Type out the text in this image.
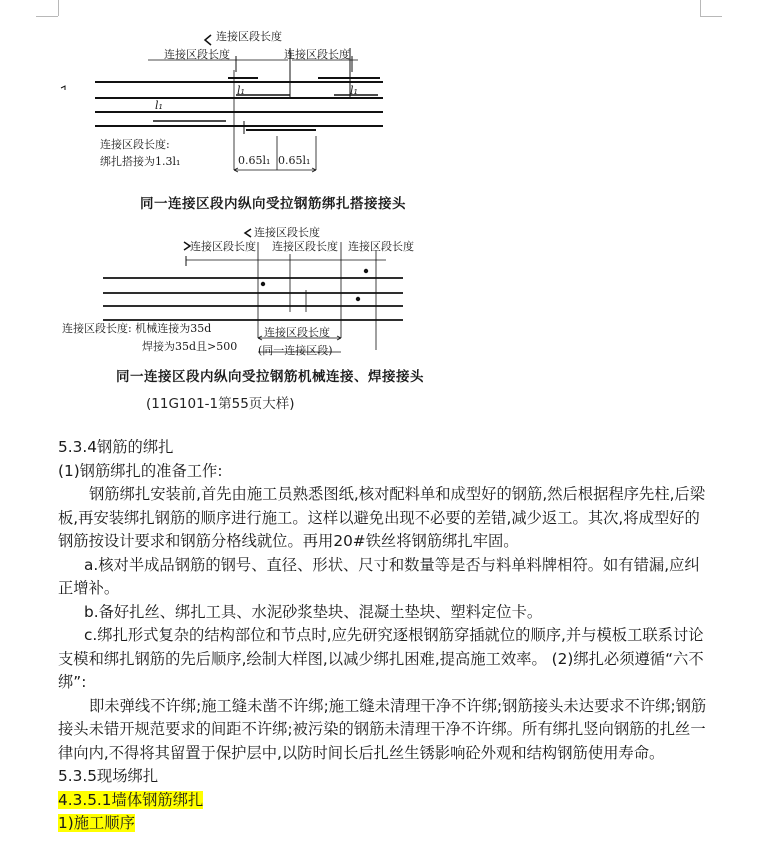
连接区段长度
连接区段长度	连接区段长度
l₁	l₁
l₁
连接区段长度:
绑扎搭接为1.3l₁	0.65l₁ 0.65l₁
同一连接区段内纵向受拉钢筋绑扎搭接接头
连接区段长度
连接区段长度 连接区段长度 连接区段长度
连接区段长度: 机械连接为35d
焊接为35d且>500
连接区段长度
(同一连接区段)
同一连接区段内纵向受拉钢筋机械连接、焊接接头
(11G101-1第55页大样)

5.3.4钢筋的绑扎

(1)钢筋绑扎的准备工作:

钢筋绑扎安装前,首先由施工员熟悉图纸,核对配料单和成型好的钢筋,然后根据程序先柱,后梁板,再安装绑扎钢筋的顺序进行施工。这样以避免出现不必要的差错,减少返工。其次,将成型好的钢筋按设计要求和钢筋分格线就位。再用20#铁丝将钢筋绑扎牢固。

a.核对半成品钢筋的钢号、直径、形状、尺寸和数量等是否与料单料牌相符。如有错漏,应纠正增补。

b.备好扎丝、绑扎工具、水泥砂浆垫块、混凝土垫块、塑料定位卡。

c.绑扎形式复杂的结构部位和节点时,应先研究逐根钢筋穿插就位的顺序,并与模板工联系讨论支模和绑扎钢筋的先后顺序,绘制大样图,以减少绑扎困难,提高施工效率。 (2)绑扎必须遵循“六不绑”:

即未弹线不许绑;施工缝未凿不许绑;施工缝未清理干净不许绑;钢筋接头未达要求不许绑;钢筋接头未错开规范要求的间距不许绑;被污染的钢筋未清理干净不许绑。所有绑扎竖向钢筋的扎丝一律向内,不得将其留置于保护层中,以防时间长后扎丝生锈影响砼外观和结构钢筋使用寿命。

5.3.5现场绑扎

4.3.5.1墙体钢筋绑扎

1)施工顺序
